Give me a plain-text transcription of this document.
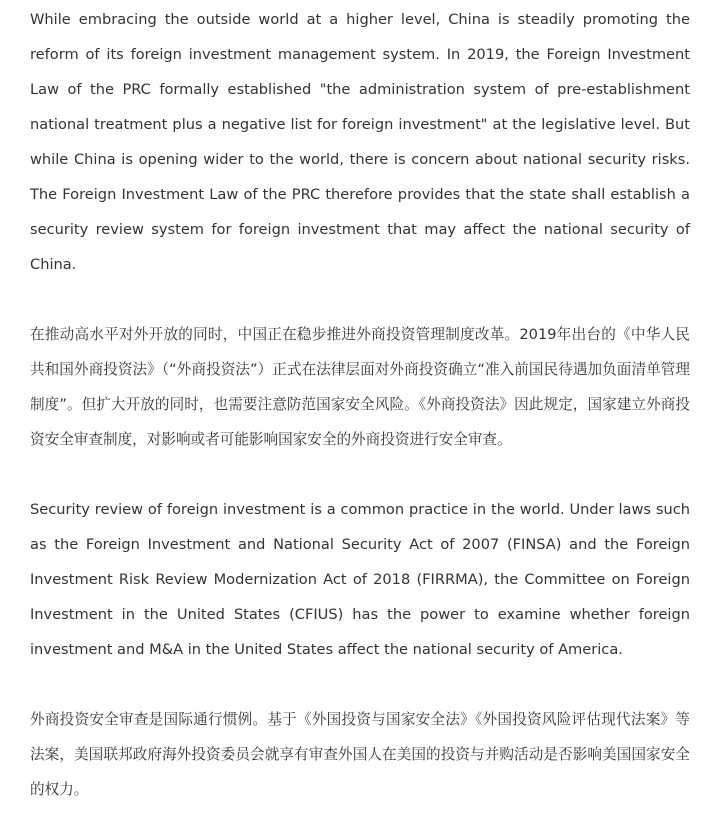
While embracing the outside world at a higher level, China is steadily promoting the reform of its foreign investment management system. In 2019, the Foreign Investment Law of the PRC formally established "the administration system of pre-establishment national treatment plus a negative list for foreign investment" at the legislative level. But while China is opening wider to the world, there is concern about national security risks. The Foreign Investment Law of the PRC therefore provides that the state shall establish a security review system for foreign investment that may affect the national security of China.

在推动高水平对外开放的同时，中国正在稳步推进外商投资管理制度改革。2019年出台的《中华人民共和国外商投资法》（“外商投资法”）正式在法律层面对外商投资确立“准入前国民待遇加负面清单管理制度”。但扩大开放的同时，也需要注意防范国家安全风险。《外商投资法》因此规定，国家建立外商投资安全审查制度，对影响或者可能影响国家安全的外商投资进行安全审查。

Security review of foreign investment is a common practice in the world. Under laws such as the Foreign Investment and National Security Act of 2007 (FINSA) and the Foreign Investment Risk Review Modernization Act of 2018 (FIRRMA), the Committee on Foreign Investment in the United States (CFIUS) has the power to examine whether foreign investment and M&A in the United States affect the national security of America.

外商投资安全审查是国际通行惯例。基于《外国投资与国家安全法》《外国投资风险评估现代法案》等法案，美国联邦政府海外投资委员会就享有审查外国人在美国的投资与并购活动是否影响美国国家安全的权力。
